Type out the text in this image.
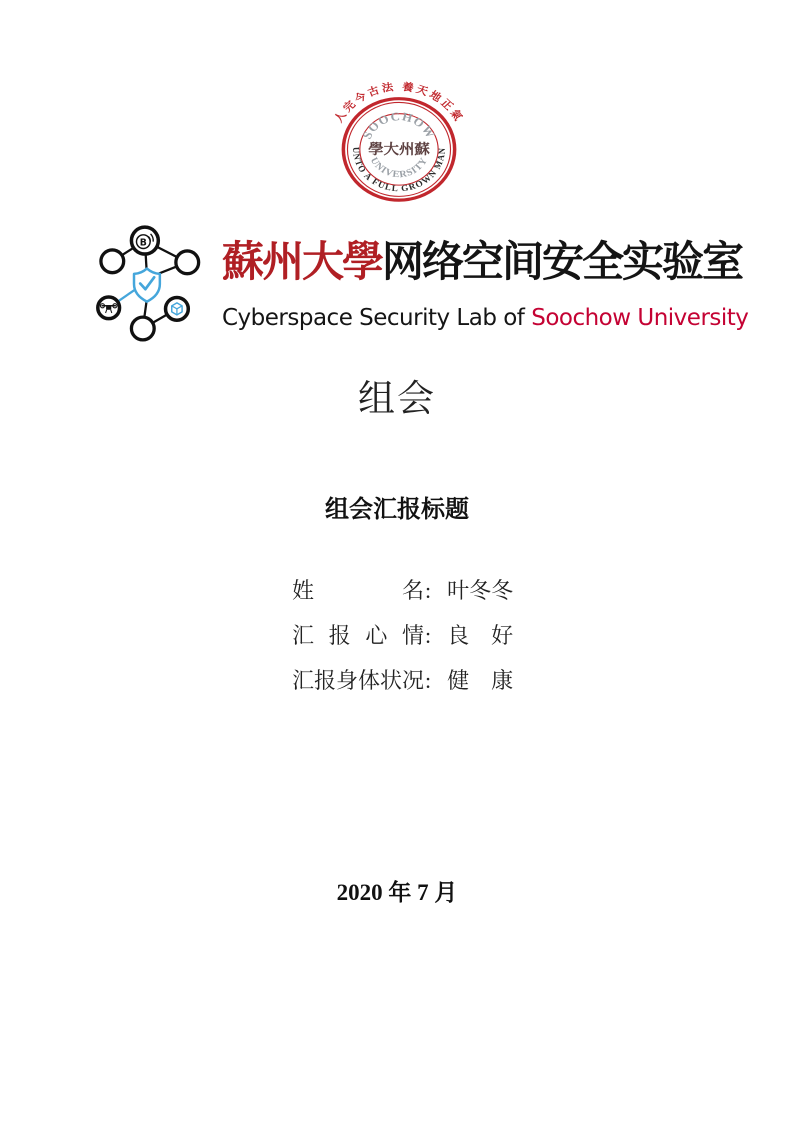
人完今古法 養天地正氣
UNTO A FULL GROWN MAN
SOOCHOW
學大州蘇
UNIVERSITY
B 蘇州大學网络空间安全实验室
Cyberspace Security Lab of Soochow University
组会
组会汇报标题
姓名 : 叶冬冬
汇报心情 : 良　好
汇报身体状况 : 健　康
2020 年 7 月
